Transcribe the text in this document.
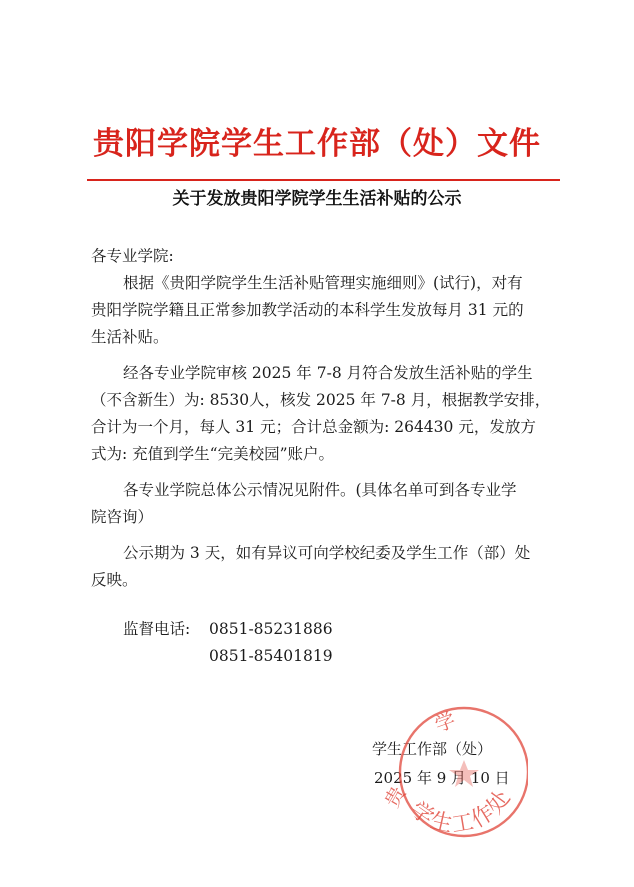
贵阳学院学生工作部（处）文件
关于发放贵阳学院学生生活补贴的公示
各专业学院:
根据《贵阳学院学生生活补贴管理实施细则》(试行)，对有
贵阳学院学籍且正常参加教学活动的本科学生发放每月 31 元的
生活补贴。
经各专业学院审核 2025 年 7-8 月符合发放生活补贴的学生
（不含新生）为: 8530人，核发 2025 年 7-8 月，根据教学安排，
合计为一个月，每人 31 元；合计总金额为: 264430 元，发放方
式为: 充值到学生“完美校园”账户。
各专业学院总体公示情况见附件。(具体名单可到各专业学
院咨询）
公示期为 3 天，如有异议可向学校纪委及学生工作（部）处
反映。
监督电话: 0851-85231886
0851-85401819
学生工作部（处）
2025 年 9 月 10 日
学
贵
学生工作处
